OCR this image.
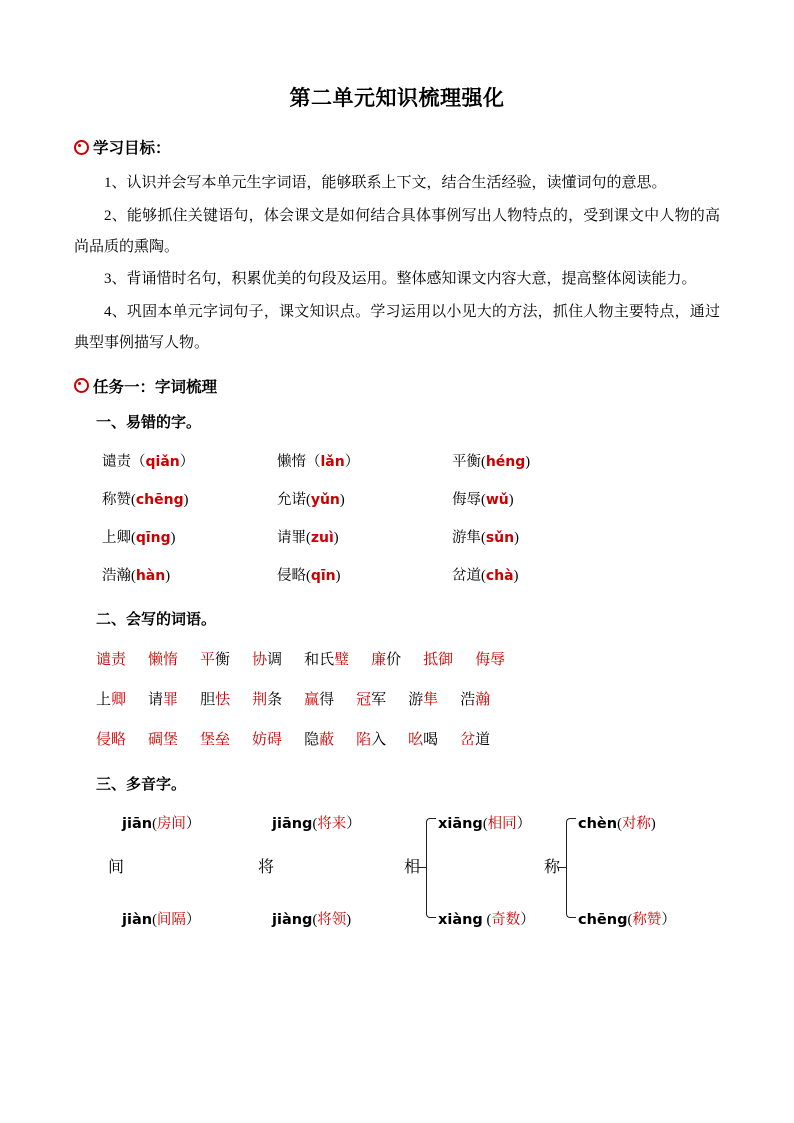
第二单元知识梳理强化
学习目标：

1、认识并会写本单元生字词语，能够联系上下文，结合生活经验，读懂词句的意思。

2、能够抓住关键语句，体会课文是如何结合具体事例写出人物特点的，受到课文中人物的高尚品质的熏陶。

3、背诵惜时名句，积累优美的句段及运用。整体感知课文内容大意，提高整体阅读能力。

4、巩固本单元字词句子，课文知识点。学习运用以小见大的方法，抓住人物主要特点，通过典型事例描写人物。

任务一：字词梳理
一、易错的字。
谴责（qiǎn）	懒惰（lǎn）	平衡(héng)
称赞(chēng)	允诺(yǔn)	侮辱(wǔ)
上卿(qīng)	请罪(zuì)	游隼(sǔn)
浩瀚(hàn)	侵略(qīn)	岔道(chà)
二、会写的词语。
谴责 懒惰 平衡 协调 和氏璧 廉价 抵御 侮辱
上卿 请罪 胆怯 荆条 赢得 冠军 游隼 浩瀚
侵略 碉堡 堡垒 妨碍 隐蔽 陷入 吆喝 岔道
三、多音字。
间
jiān(房间）
jiàn(间隔）
将
jiāng(将来）
jiàng(将领)
相
xiāng(相同）
xiàng (奇数）
称
chèn(对称)
chēng(称赞）
